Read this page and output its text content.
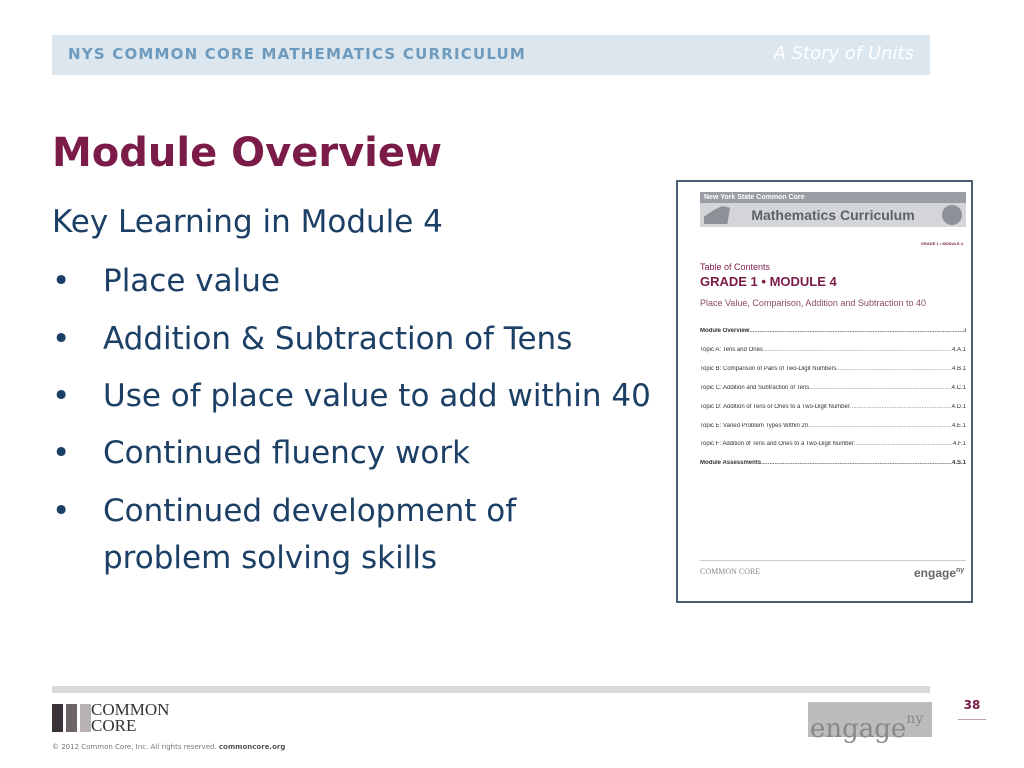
NYS COMMON CORE MATHEMATICS CURRICULUM	A Story of Units
Module Overview
Key Learning in Module 4
• Place value
• Addition & Subtraction of Tens
• Use of place value to add within 40
• Continued fluency work
• Continued development of
problem solving skills
New York State Common Core
Mathematics Curriculum
GRADE 1 • MODULE 4
Table of Contents
GRADE 1 • MODULE 4
Place Value, Comparison, Addition and Subtraction to 40
Module Overview .....	i
Topic A: Tens and Ones .....	4.A.1
Topic B: Comparison of Pairs of Two-Digit Numbers .....	4.B.1
Topic C: Addition and Subtraction of Tens .....	4.C.1
Topic D: Addition of Tens or Ones to a Two-Digit Number .....	4.D.1
Topic E: Varied Problem Types Within 20 .....	4.E.1
Topic F: Addition of Tens and Ones to a Two-Digit Number .....	4.F.1
Module Assessments .....	4.S.1
COMMON CORE	engage$^{ny}$
COMMON
CORE
© 2012 Common Core, Inc. All rights reserved. commoncore.org
engage$^{ny}$
38
